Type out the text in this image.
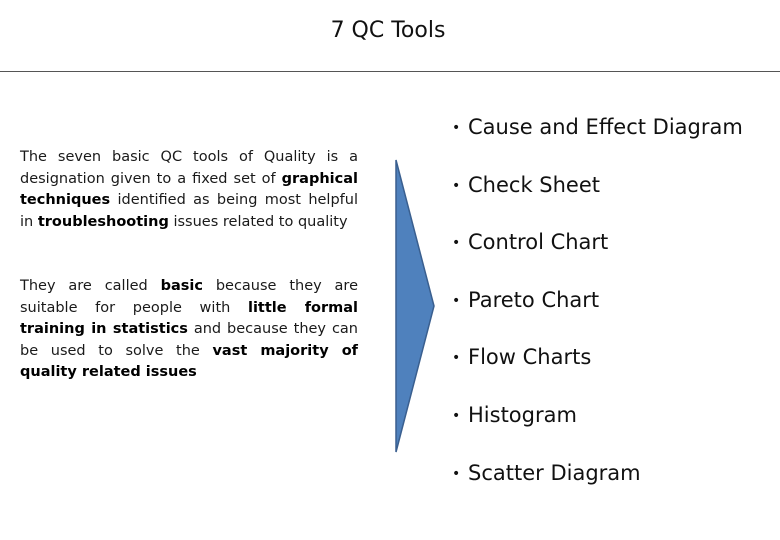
7 QC Tools
The seven basic QC tools of Quality is a designation given to a fixed set of graphical techniques identified as being most helpful in troubleshooting issues related to quality
They are called basic because they are suitable for people with little formal training in statistics and because they can be used to solve the vast majority of quality related issues
• Cause and Effect Diagram
• Check Sheet
• Control Chart
• Pareto Chart
• Flow Charts
• Histogram
• Scatter Diagram
